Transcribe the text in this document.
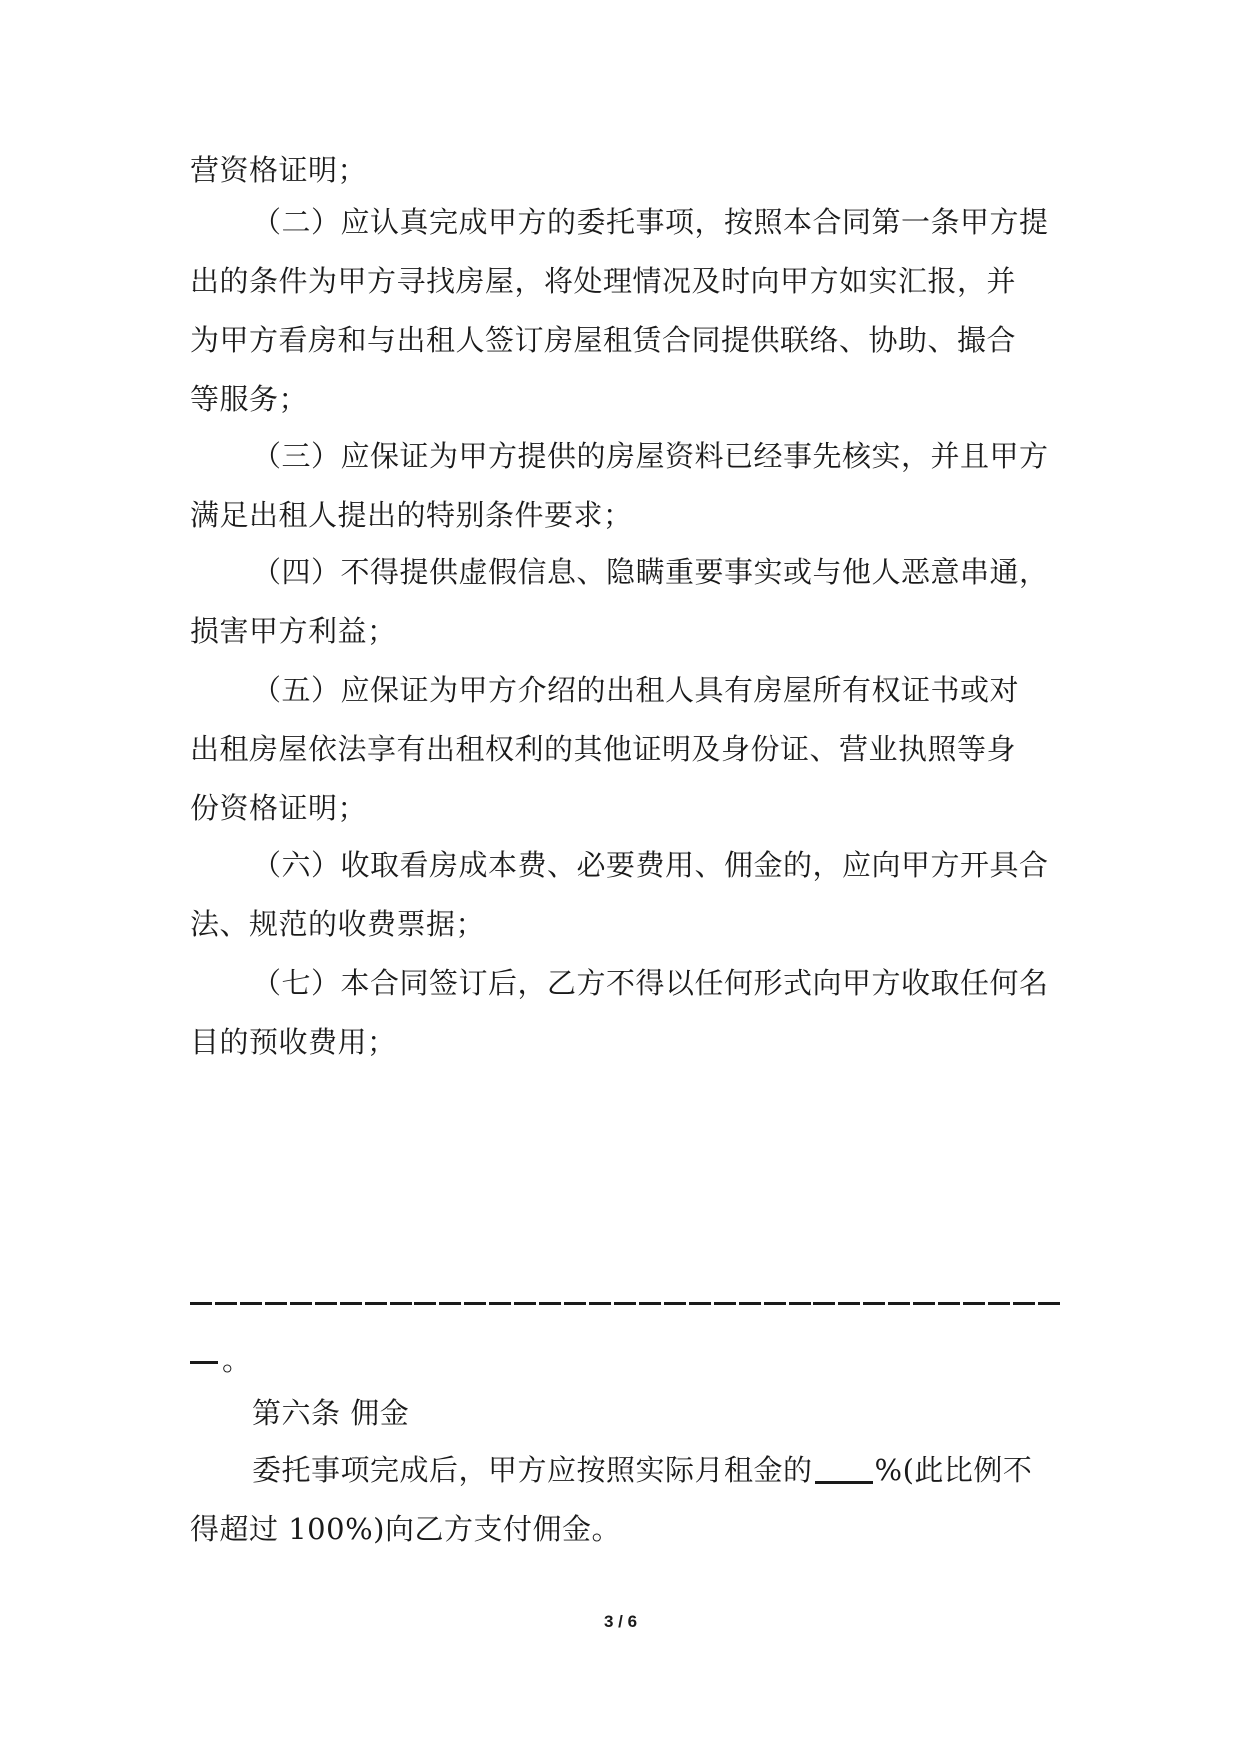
营资格证明；
（二）应认真完成甲方的委托事项，按照本合同第一条甲方提
出的条件为甲方寻找房屋，将处理情况及时向甲方如实汇报，并
为甲方看房和与出租人签订房屋租赁合同提供联络、协助、撮合
等服务；
（三）应保证为甲方提供的房屋资料已经事先核实，并且甲方
满足出租人提出的特别条件要求；
（四）不得提供虚假信息、隐瞒重要事实或与他人恶意串通，
损害甲方利益；
（五）应保证为甲方介绍的出租人具有房屋所有权证书或对
出租房屋依法享有出租权利的其他证明及身份证、营业执照等身
份资格证明；
（六）收取看房成本费、必要费用、佣金的，应向甲方开具合
法、规范的收费票据；
（七）本合同签订后，乙方不得以任何形式向甲方收取任何名
目的预收费用；
。
第六条 佣金
委托事项完成后，甲方应按照实际月租金的 %(此比例不
得超过 100%)向乙方支付佣金。
3 / 6
